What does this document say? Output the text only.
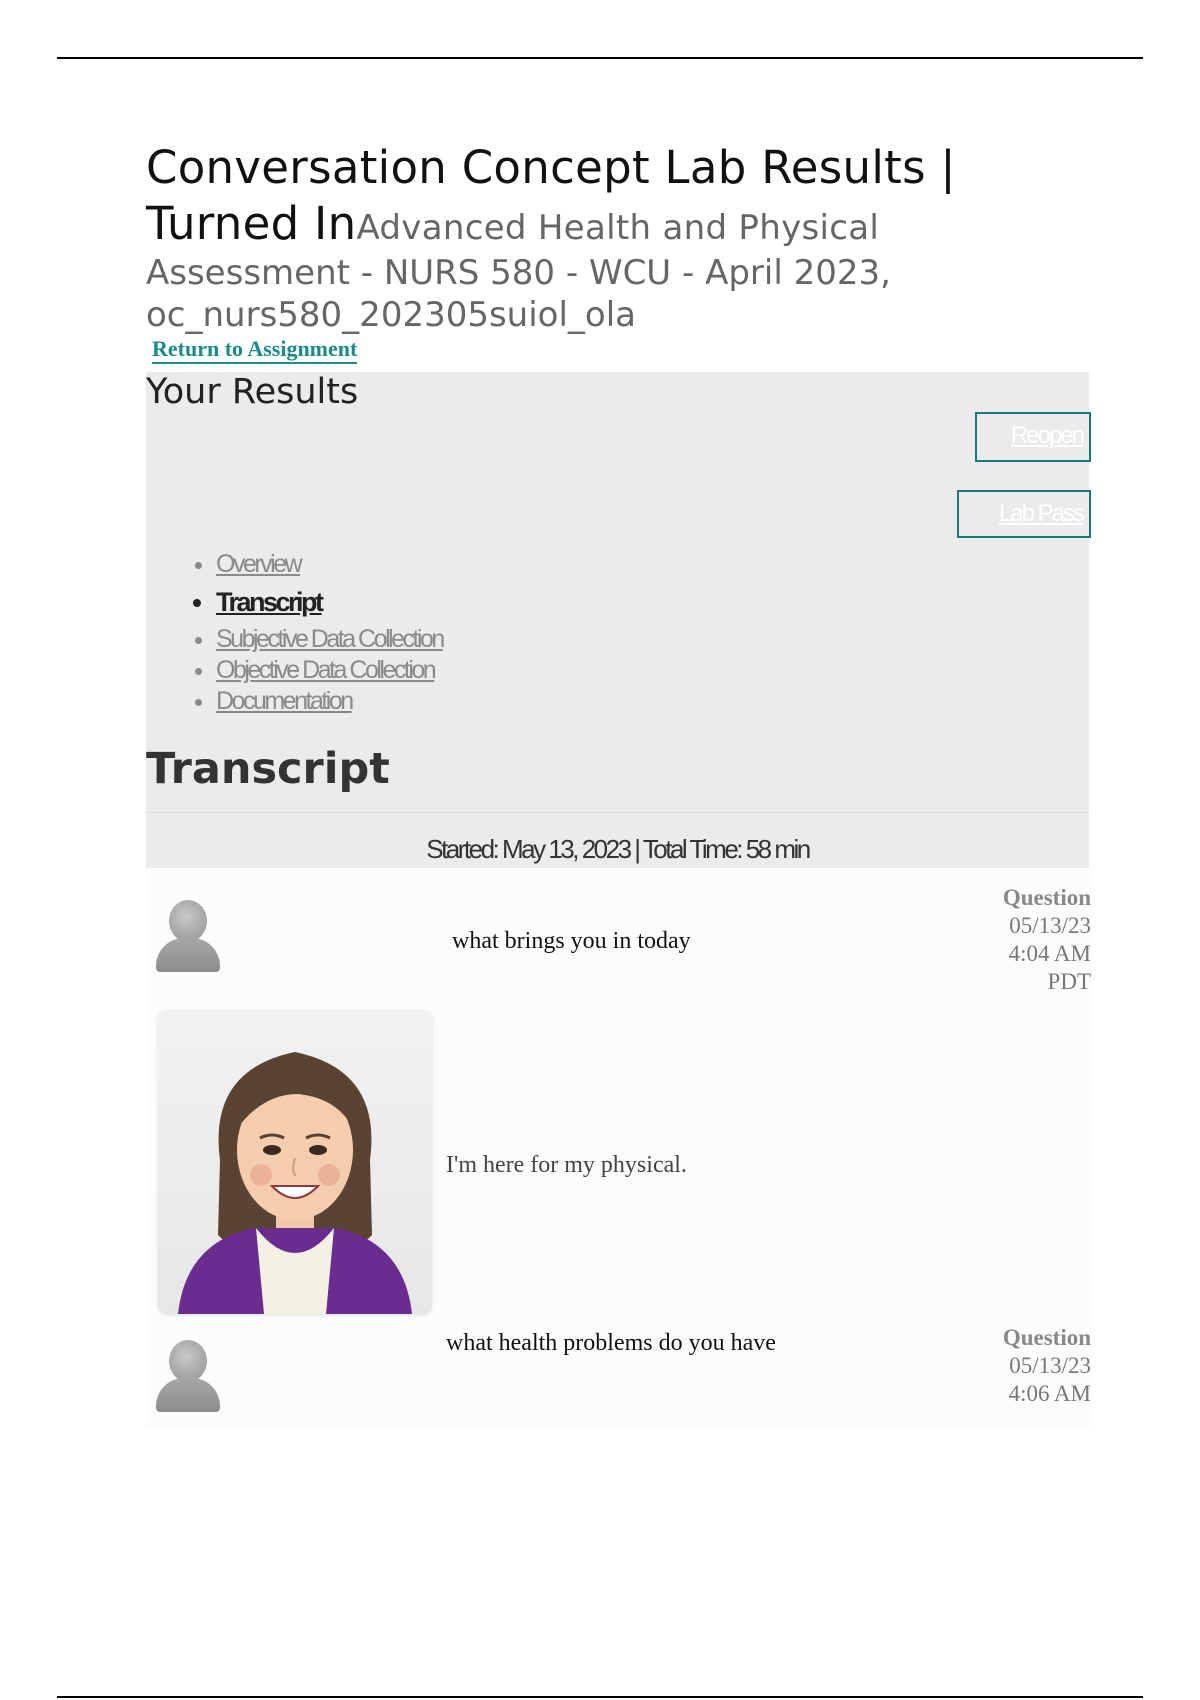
Conversation Concept Lab Results | Turned InAdvanced Health and Physical

Assessment - NURS 580 - WCU - April 2023,

oc_nurs580_202305suiol_ola

Return to Assignment
Your Results
Reopen
Lab Pass
• Overview
• Transcript
• Subjective Data Collection
• Objective Data Collection
• Documentation
Transcript
Started: May 13, 2023 | Total Time: 58 min
what brings you in today
Question
05/13/23
4:04 AM
PDT
I'm here for my physical.
what health problems do you have	Question
05/13/23
4:06 AM
